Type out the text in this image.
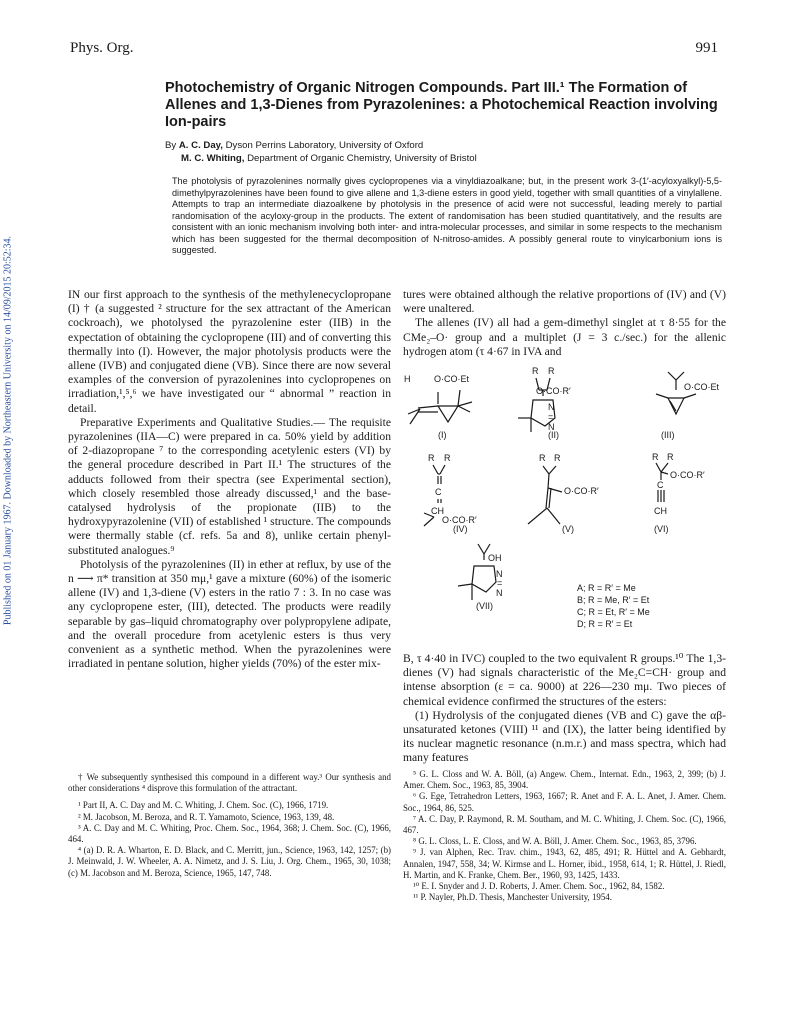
Phys. Org.	991
Published on 01 January 1967. Downloaded by Northeastern University on 14/09/2015 20:52:34.
Photochemistry of Organic Nitrogen Compounds. Part III.¹ The Formation of Allenes and 1,3-Dienes from Pyrazolenines: a Photochemical Reaction involving Ion-pairs
By A. C. Day, Dyson Perrins Laboratory, University of Oxford
M. C. Whiting, Department of Organic Chemistry, University of Bristol
The photolysis of pyrazolenines normally gives cyclopropenes via a vinyldiazoalkane; but, in the present work 3-(1′-acyloxyalkyl)-5,5-dimethylpyrazolenines have been found to give allene and 1,3-diene esters in good yield, together with small quantities of a vinylallene. Attempts to trap an intermediate diazoalkene by photolysis in the presence of acid were not successful, leading merely to partial randomisation of the acyloxy-group in the products. The extent of randomisation has been studied quantitatively, and the results are consistent with an ionic mechanism involving both inter- and intra-molecular processes, and similar in some respects to the mechanism which has been suggested for the thermal decomposition of N-nitroso-amides. A possibly general route to vinylcarbonium ions is suggested.

IN our first approach to the synthesis of the methylenecyclopropane (I) † (a suggested ² structure for the sex attractant of the American cockroach), we photolysed the pyrazolenine ester (IIB) in the expectation of obtaining the cyclopropene (III) and of converting this thermally into (I). However, the major photolysis products were the allene (IVB) and conjugated diene (VB). Since there are now several examples of the conversion of pyrazolenines into cyclopropenes on irradiation,¹,⁵,⁶ we have investigated our “ abnormal ” reaction in detail.

Preparative Experiments and Qualitative Studies.— The requisite pyrazolenines (IIA—C) were prepared in ca. 50% yield by addition of 2-diazopropane ⁷ to the corresponding acetylenic esters (VI) by the general procedure described in Part II.¹ The structures of the adducts followed from their spectra (see Experimental section), which closely resembled those already discussed,¹ and the base-catalysed hydrolysis of the propionate (IIB) to the hydroxypyrazolenine (VII) of established ¹ structure. The compounds were thermally stable (cf. refs. 5a and 8), unlike certain phenyl-substituted analogues.⁹

Photolysis of the pyrazolenines (II) in ether at reflux, by use of the n ⟶ π* transition at 350 mμ,¹ gave a mixture (60%) of the isomeric allene (IV) and 1,3-diene (V) esters in the ratio 7 : 3. In no case was any cyclopropene ester, (III), detected. The products were readily separable by gas–liquid chromatography over polypropylene adipate, and the overall procedure from acetylenic esters is thus very convenient as a synthetic method. When the pyrazolenines were irradiated in pentane solution, higher yields (70%) of the ester mix-

tures were obtained although the relative proportions of (IV) and (V) were unaltered.

The allenes (IV) all had a gem-dimethyl singlet at τ 8·55 for the CMe₂–O· group and a multiplet (J = 3 c./sec.) for the allenic hydrogen atom (τ 4·67 in IVA and

H	O·CO·Et
(I)
R R
O·CO·R′
N
=
N
(II)
O·CO·Et
(III)
R R
C
CH
O·CO·R′
(IV)
R R
O·CO·R′
(V)
R R
O·CO·R′
C
CH
(VI)
OH
N
=
N
(VII)
A; R = R′ = Me
B; R = Me, R′ = Et
C; R = Et, R′ = Me
D; R = R′ = Et

B, τ 4·40 in IVC) coupled to the two equivalent R groups.¹⁰ The 1,3-dienes (V) had signals characteristic of the Me₂C=CH· group and intense absorption (ε = ca. 9000) at 226—230 mμ. Two pieces of chemical evidence confirmed the structures of the esters:

(1) Hydrolysis of the conjugated dienes (VB and C) gave the αβ-unsaturated ketones (VIII) ¹¹ and (IX), the latter being identified by its nuclear magnetic resonance (n.m.r.) and mass spectra, which had many features

† We subsequently synthesised this compound in a different way.³ Our synthesis and other considerations ⁴ disprove this formulation of the attractant.

¹ Part II, A. C. Day and M. C. Whiting, J. Chem. Soc. (C), 1966, 1719.

² M. Jacobson, M. Beroza, and R. T. Yamamoto, Science, 1963, 139, 48.

³ A. C. Day and M. C. Whiting, Proc. Chem. Soc., 1964, 368; J. Chem. Soc. (C), 1966, 464.

⁴ (a) D. R. A. Wharton, E. D. Black, and C. Merritt, jun., Science, 1963, 142, 1257; (b) J. Meinwald, J. W. Wheeler, A. A. Nimetz, and J. S. Liu, J. Org. Chem., 1965, 30, 1038; (c) M. Jacobson and M. Beroza, Science, 1965, 147, 748.

⁵ G. L. Closs and W. A. Böll, (a) Angew. Chem., Internat. Edn., 1963, 2, 399; (b) J. Amer. Chem. Soc., 1963, 85, 3904.

⁶ G. Ege, Tetrahedron Letters, 1963, 1667; R. Anet and F. A. L. Anet, J. Amer. Chem. Soc., 1964, 86, 525.

⁷ A. C. Day, P. Raymond, R. M. Southam, and M. C. Whiting, J. Chem. Soc. (C), 1966, 467.

⁸ G. L. Closs, L. E. Closs, and W. A. Böll, J. Amer. Chem. Soc., 1963, 85, 3796.

⁹ J. van Alphen, Rec. Trav. chim., 1943, 62, 485, 491; R. Hüttel and A. Gebhardt, Annalen, 1947, 558, 34; W. Kirmse and L. Horner, ibid., 1958, 614, 1; R. Hüttel, J. Riedl, H. Martin, and K. Franke, Chem. Ber., 1960, 93, 1425, 1433.

¹⁰ E. I. Snyder and J. D. Roberts, J. Amer. Chem. Soc., 1962, 84, 1582.

¹¹ P. Nayler, Ph.D. Thesis, Manchester University, 1954.
